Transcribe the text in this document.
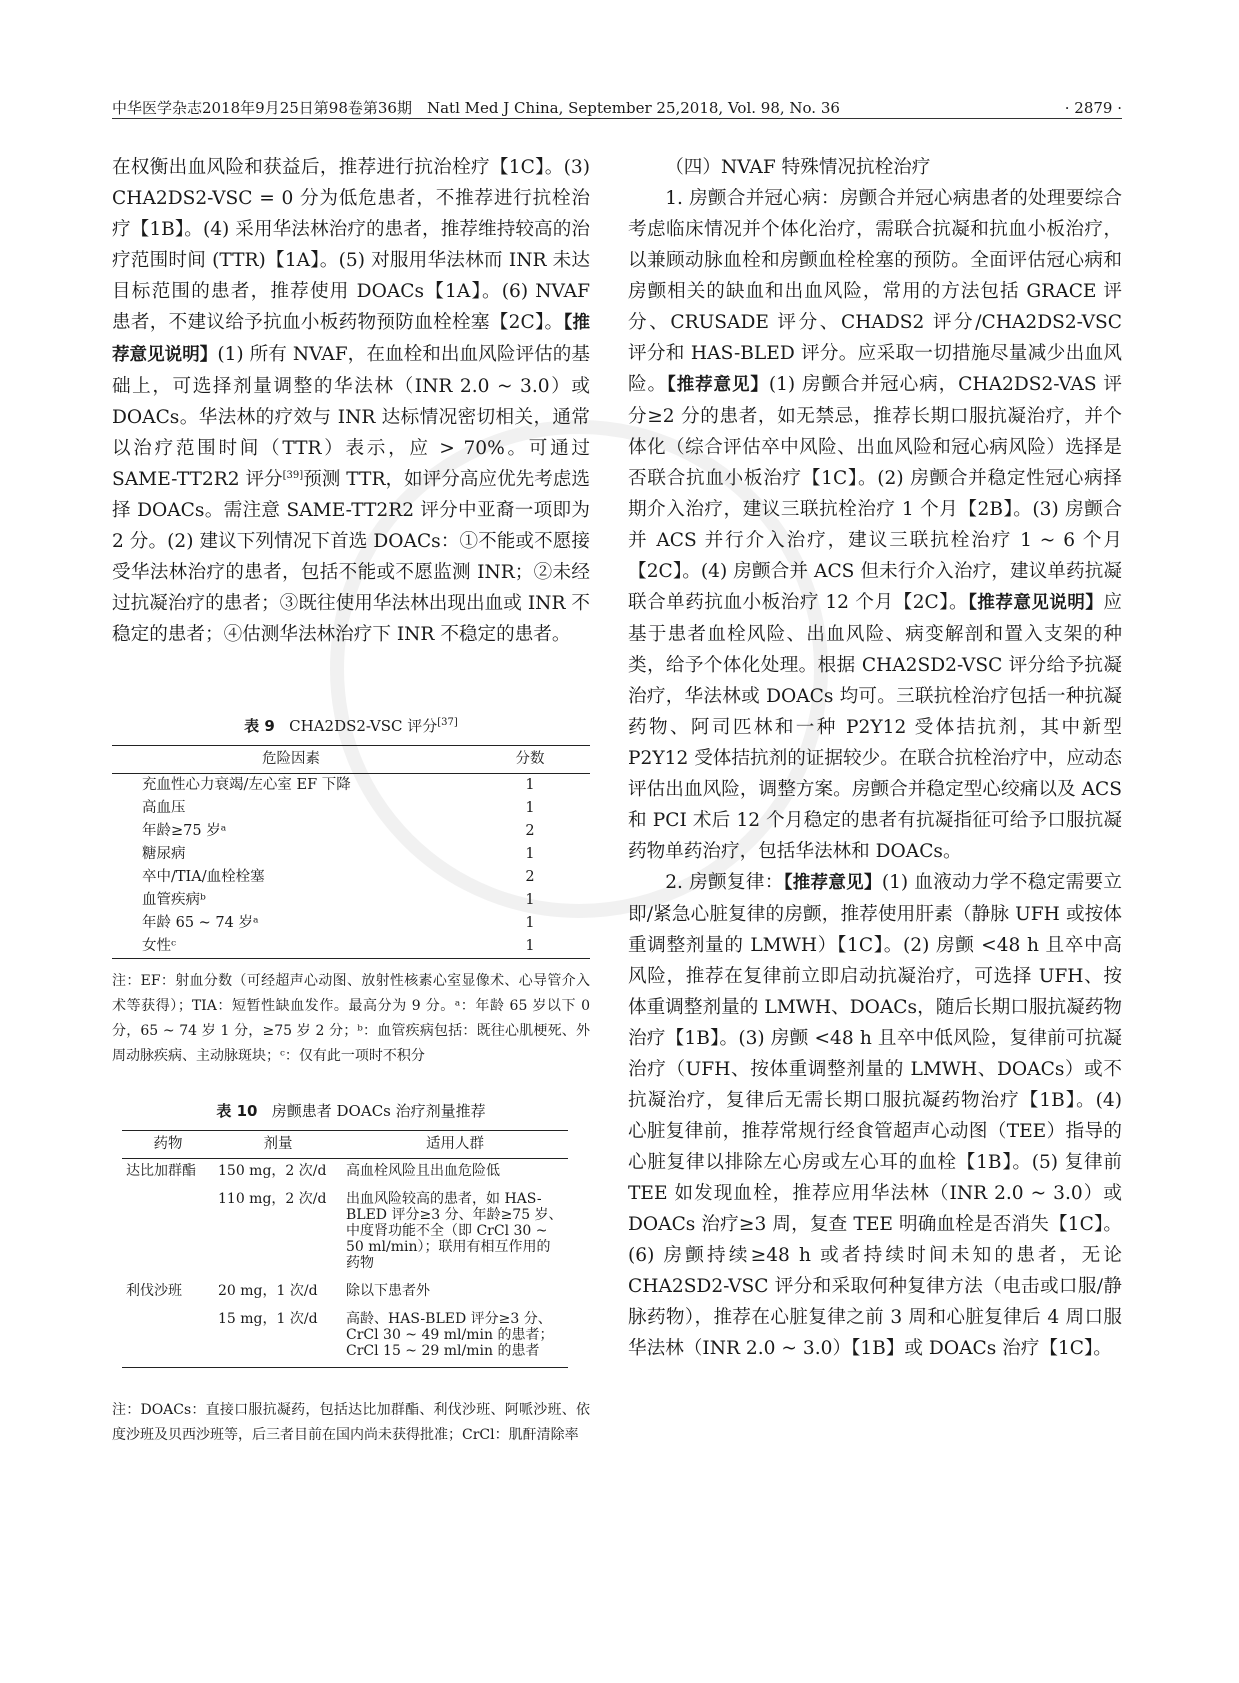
中华医学杂志2018年9月25日第98卷第36期　Natl Med J China, September 25,2018, Vol. 98, No. 36	· 2879 ·

在权衡出血风险和获益后，推荐进行抗治栓疗【1C】。(3) CHA2DS2-VSC = 0 分为低危患者，不推荐进行抗栓治疗【1B】。(4) 采用华法林治疗的患者，推荐维持较高的治疗范围时间 (TTR)【1A】。(5) 对服用华法林而 INR 未达目标范围的患者，推荐使用 DOACs【1A】。(6) NVAF 患者，不建议给予抗血小板药物预防血栓栓塞【2C】。【推荐意见说明】(1) 所有 NVAF，在血栓和出血风险评估的基础上，可选择剂量调整的华法林（INR 2.0 ~ 3.0）或 DOACs。华法林的疗效与 INR 达标情况密切相关，通常以治疗范围时间（TTR）表示，应 > 70%。可通过 SAME-TT2R2 评分[39]预测 TTR，如评分高应优先考虑选择 DOACs。需注意 SAME-TT2R2 评分中亚裔一项即为 2 分。(2) 建议下列情况下首选 DOACs：①不能或不愿接受华法林治疗的患者，包括不能或不愿监测 INR；②未经过抗凝治疗的患者；③既往使用华法林出现出血或 INR 不稳定的患者；④估测华法林治疗下 INR 不稳定的患者。

表 9 CHA2DS2-VSC 评分[37]
危险因素	分数
充血性心力衰竭/左心室 EF 下降	1
高血压	1
年龄≥75 岁ᵃ	2
糖尿病	1
卒中/TIA/血栓栓塞	2
血管疾病ᵇ	1
年龄 65 ~ 74 岁ᵃ	1
女性ᶜ	1
注：EF：射血分数（可经超声心动图、放射性核素心室显像术、心导管介入术等获得）；TIA：短暂性缺血发作。最高分为 9 分。ᵃ：年龄 65 岁以下 0 分，65 ~ 74 岁 1 分，≥75 岁 2 分；ᵇ：血管疾病包括：既往心肌梗死、外周动脉疾病、主动脉斑块；ᶜ：仅有此一项时不积分
表 10 房颤患者 DOACs 治疗剂量推荐
药物	剂量	适用人群
达比加群酯	150 mg，2 次/d	高血栓风险且出血危险低
	110 mg，2 次/d	出血风险较高的患者，如 HAS-BLED 评分≥3 分、年龄≥75 岁、中度肾功能不全（即 CrCl 30 ~ 50 ml/min）；联用有相互作用的药物
利伐沙班	20 mg，1 次/d	除以下患者外
	15 mg，1 次/d	高龄、HAS-BLED 评分≥3 分、CrCl 30 ~ 49 ml/min 的患者；CrCl 15 ~ 29 ml/min 的患者
注：DOACs：直接口服抗凝药，包括达比加群酯、利伐沙班、阿哌沙班、依度沙班及贝西沙班等，后三者目前在国内尚未获得批准；CrCl：肌酐清除率

（四）NVAF 特殊情况抗栓治疗

1. 房颤合并冠心病：房颤合并冠心病患者的处理要综合考虑临床情况并个体化治疗，需联合抗凝和抗血小板治疗，以兼顾动脉血栓和房颤血栓栓塞的预防。全面评估冠心病和房颤相关的缺血和出血风险，常用的方法包括 GRACE 评分、CRUSADE 评分、CHADS2 评分/CHA2DS2-VSC 评分和 HAS-BLED 评分。应采取一切措施尽量减少出血风险。【推荐意见】(1) 房颤合并冠心病，CHA2DS2-VAS 评分≥2 分的患者，如无禁忌，推荐长期口服抗凝治疗，并个体化（综合评估卒中风险、出血风险和冠心病风险）选择是否联合抗血小板治疗【1C】。(2) 房颤合并稳定性冠心病择期介入治疗，建议三联抗栓治疗 1 个月【2B】。(3) 房颤合并 ACS 并行介入治疗，建议三联抗栓治疗 1 ~ 6 个月【2C】。(4) 房颤合并 ACS 但未行介入治疗，建议单药抗凝联合单药抗血小板治疗 12 个月【2C】。【推荐意见说明】应基于患者血栓风险、出血风险、病变解剖和置入支架的种类，给予个体化处理。根据 CHA2SD2-VSC 评分给予抗凝治疗，华法林或 DOACs 均可。三联抗栓治疗包括一种抗凝药物、阿司匹林和一种 P2Y12 受体拮抗剂，其中新型 P2Y12 受体拮抗剂的证据较少。在联合抗栓治疗中，应动态评估出血风险，调整方案。房颤合并稳定型心绞痛以及 ACS 和 PCI 术后 12 个月稳定的患者有抗凝指征可给予口服抗凝药物单药治疗，包括华法林和 DOACs。

2. 房颤复律：【推荐意见】(1) 血液动力学不稳定需要立即/紧急心脏复律的房颤，推荐使用肝素（静脉 UFH 或按体重调整剂量的 LMWH）【1C】。(2) 房颤 <48 h 且卒中高风险，推荐在复律前立即启动抗凝治疗，可选择 UFH、按体重调整剂量的 LMWH、DOACs，随后长期口服抗凝药物治疗【1B】。(3) 房颤 <48 h 且卒中低风险，复律前可抗凝治疗（UFH、按体重调整剂量的 LMWH、DOACs）或不抗凝治疗，复律后无需长期口服抗凝药物治疗【1B】。(4) 心脏复律前，推荐常规行经食管超声心动图（TEE）指导的心脏复律以排除左心房或左心耳的血栓【1B】。(5) 复律前 TEE 如发现血栓，推荐应用华法林（INR 2.0 ~ 3.0）或 DOACs 治疗≥3 周，复查 TEE 明确血栓是否消失【1C】。(6) 房颤持续≥48 h 或者持续时间未知的患者，无论 CHA2SD2-VSC 评分和采取何种复律方法（电击或口服/静脉药物），推荐在心脏复律之前 3 周和心脏复律后 4 周口服华法林（INR 2.0 ~ 3.0）【1B】或 DOACs 治疗【1C】。
